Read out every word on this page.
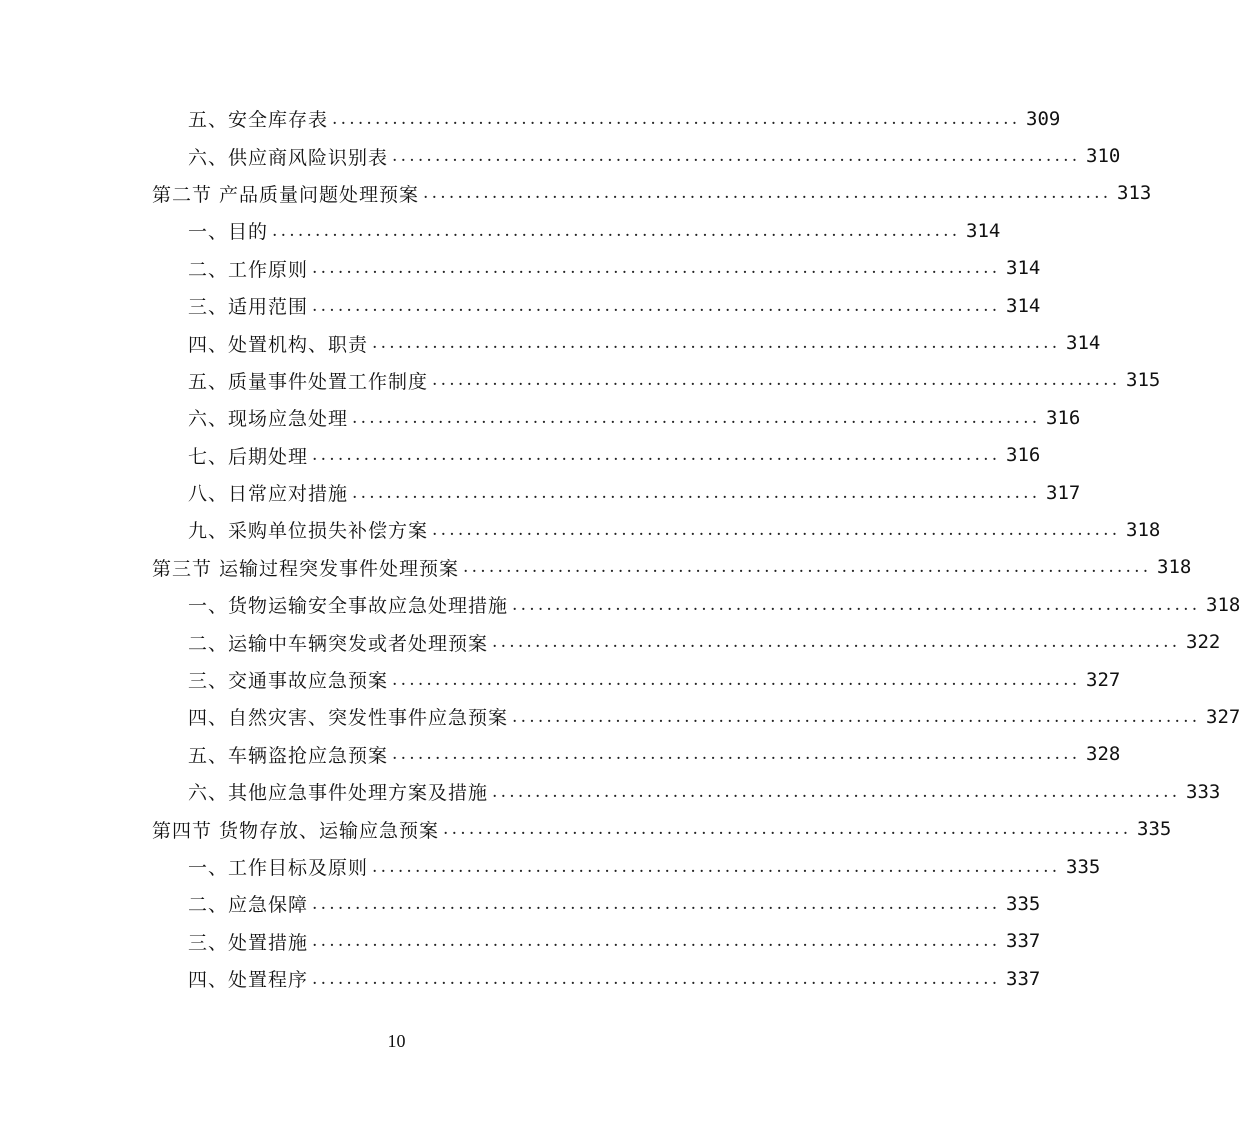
五、安全库存表 ................................................................................ 309
六、供应商风险识别表 ................................................................................ 310
第二节 产品质量问题处理预案 ................................................................................ 313
一、目的 ................................................................................ 314
二、工作原则 ................................................................................ 314
三、适用范围 ................................................................................ 314
四、处置机构、职责 ................................................................................ 314
五、质量事件处置工作制度 ................................................................................ 315
六、现场应急处理 ................................................................................ 316
七、后期处理 ................................................................................ 316
八、日常应对措施 ................................................................................ 317
九、采购单位损失补偿方案 ................................................................................ 318
第三节 运输过程突发事件处理预案 ................................................................................ 318
一、货物运输安全事故应急处理措施 ................................................................................ 318
二、运输中车辆突发或者处理预案 ................................................................................ 322
三、交通事故应急预案 ................................................................................ 327
四、自然灾害、突发性事件应急预案 ................................................................................ 327
五、车辆盗抢应急预案 ................................................................................ 328
六、其他应急事件处理方案及措施 ................................................................................ 333
第四节 货物存放、运输应急预案 ................................................................................ 335
一、工作目标及原则 ................................................................................ 335
二、应急保障 ................................................................................ 335
三、处置措施 ................................................................................ 337
四、处置程序 ................................................................................ 337
10
